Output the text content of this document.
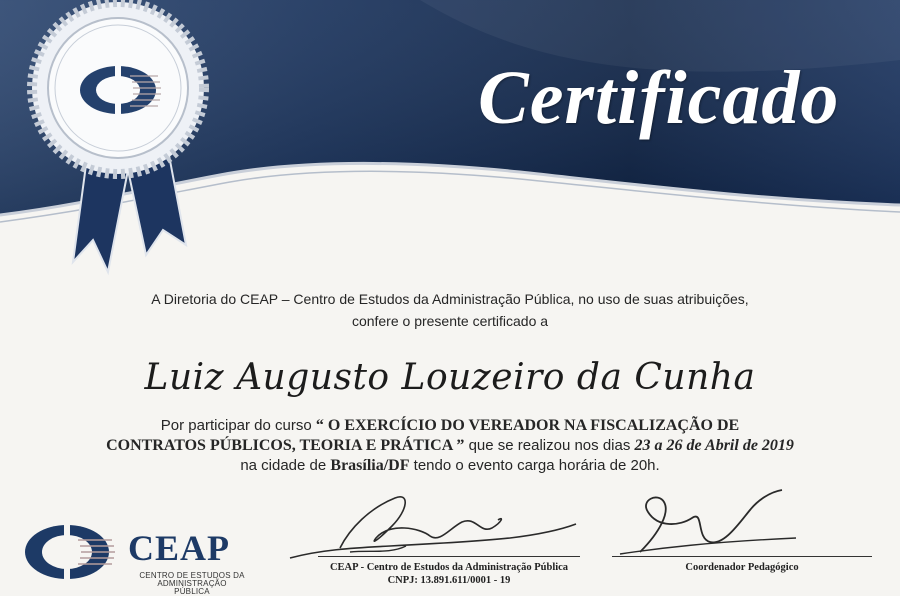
Certificado
A Diretoria do CEAP – Centro de Estudos da Administração Pública, no uso de suas atribuições,
confere o presente certificado a
Luiz Augusto Louzeiro da Cunha
Por participar do curso “ O EXERCÍCIO DO VEREADOR NA FISCALIZAÇÃO DE
CONTRATOS PÚBLICOS, TEORIA E PRÁTICA ” que se realizou nos dias 23 a 26 de Abril de 2019
na cidade de Brasília/DF tendo o evento carga horária de 20h.
CEAP
CENTRO DE ESTUDOS DA ADMINISTRAÇÃO
PÚBLICA
CEAP - Centro de Estudos da Administração Pública
CNPJ: 13.891.611/0001 - 19
Coordenador Pedagógico
